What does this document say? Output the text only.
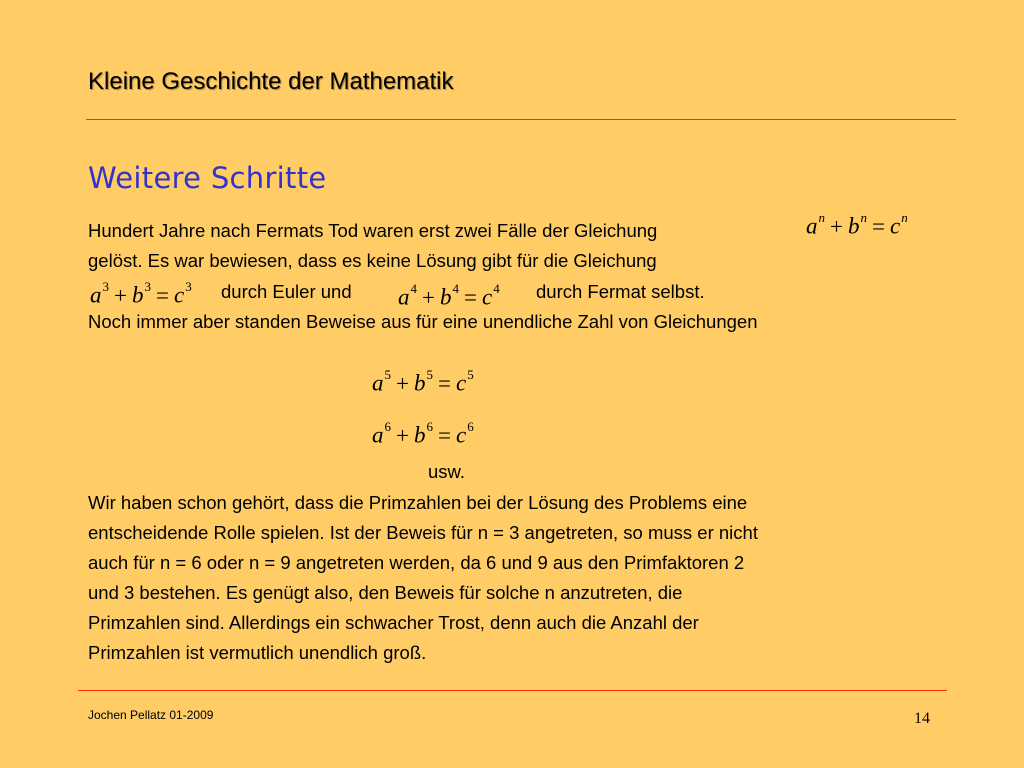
Kleine Geschichte der Mathematik
Weitere Schritte
Hundert Jahre nach Fermats Tod waren erst zwei Fälle der Gleichung	$a^n + b^n = c^n$
gelöst. Es war bewiesen, dass es keine Lösung gibt für die Gleichung
$a^3 + b^3 = c^3$ durch Euler und $a^4 + b^4 = c^4$ durch Fermat selbst.
Noch immer aber standen Beweise aus für eine unendliche Zahl von Gleichungen
$a^5 + b^5 = c^5$
$a^6 + b^6 = c^6$
usw.
Wir haben schon gehört, dass die Primzahlen bei der Lösung des Problems eine
entscheidende Rolle spielen. Ist der Beweis für n = 3 angetreten, so muss er nicht
auch für n = 6 oder n = 9 angetreten werden, da 6 und 9 aus den Primfaktoren 2
und 3 bestehen. Es genügt also, den Beweis für solche n anzutreten, die
Primzahlen sind. Allerdings ein schwacher Trost, denn auch die Anzahl der
Primzahlen ist vermutlich unendlich groß.
Jochen Pellatz 01-2009	14
